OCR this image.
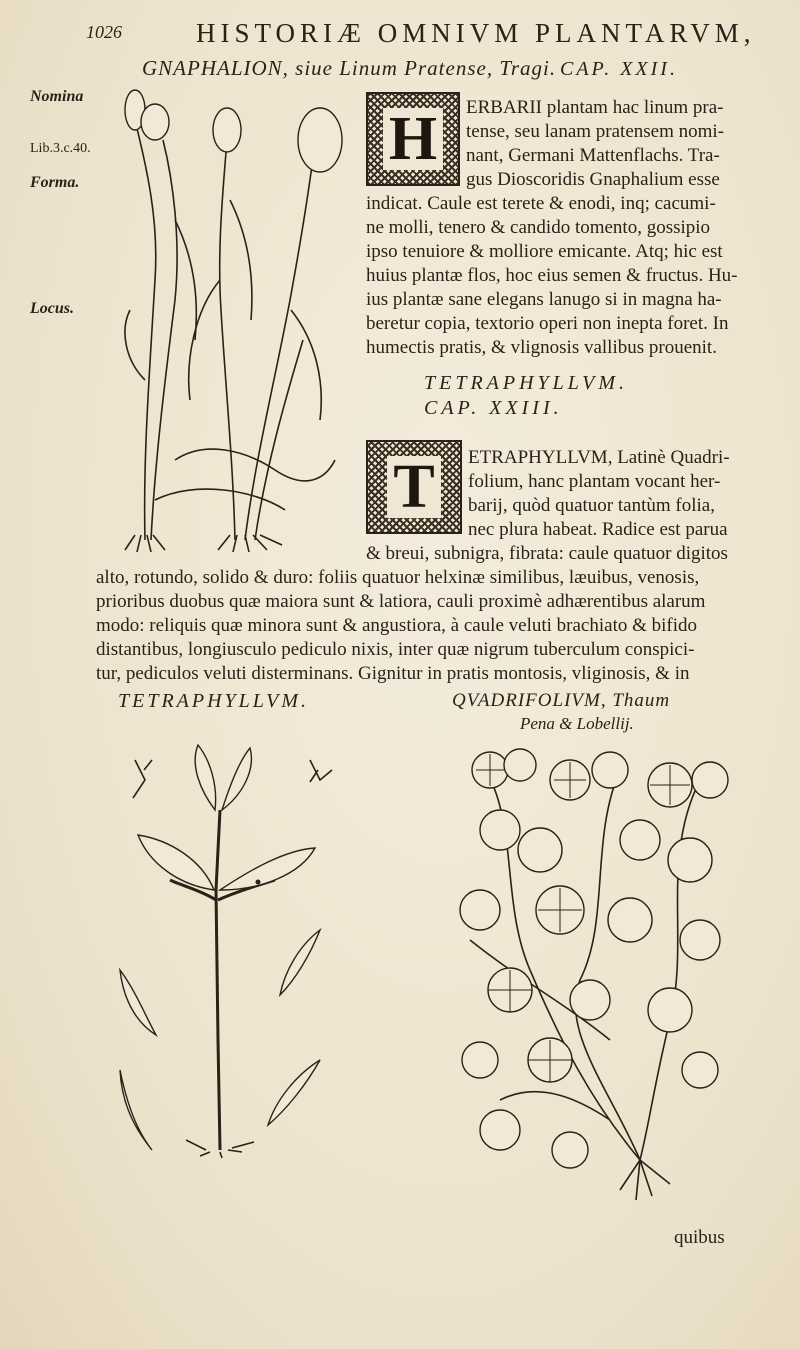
1026	HISTORIÆ OMNIVM PLANTARVM,
GNAPHALION, siue Linum Pratense, Tragi. CAP. XXII.
Nomina
Lib.3.c.40.
Forma.
Locus.
H	ERBARII plantam hac linum pra-
tense, seu lanam pratensem nomi-
nant, Germani Mattenflachs. Tra-
gus Dioscoridis Gnaphalium esse
indicat. Caule est terete & enodi, inq; cacumi-
ne molli, tenero & candido tomento, gossipio
ipso tenuiore & molliore emicante. Atq; hic est
huius plantæ flos, hoc eius semen & fructus. Hu-
ius plantæ sane elegans lanugo si in magna ha-
beretur copia, textorio operi non inepta foret. In
humectis pratis, & vlignosis vallibus prouenit.
TETRAPHYLLVM.
CAP. XXIII.
T	ETRAPHYLLVM, Latinè Quadri-
folium, hanc plantam vocant her-
barij, quòd quatuor tantùm folia,
nec plura habeat. Radice est parua
& breui, subnigra, fibrata: caule quatuor digitos
alto, rotundo, solido & duro: foliis quatuor helxinæ similibus, læuibus, venosis,
prioribus duobus quæ maiora sunt & latiora, cauli proximè adhærentibus alarum
modo: reliquis quæ minora sunt & angustiora, à caule veluti brachiato & bifido
distantibus, longiusculo pediculo nixis, inter quæ nigrum tuberculum conspici-
tur, pediculos veluti disterminans. Gignitur in pratis montosis, vliginosis, & in
TETRAPHYLLVM.	QVADRIFOLIVM, Thaum
Pena & Lobellij.
quibus
